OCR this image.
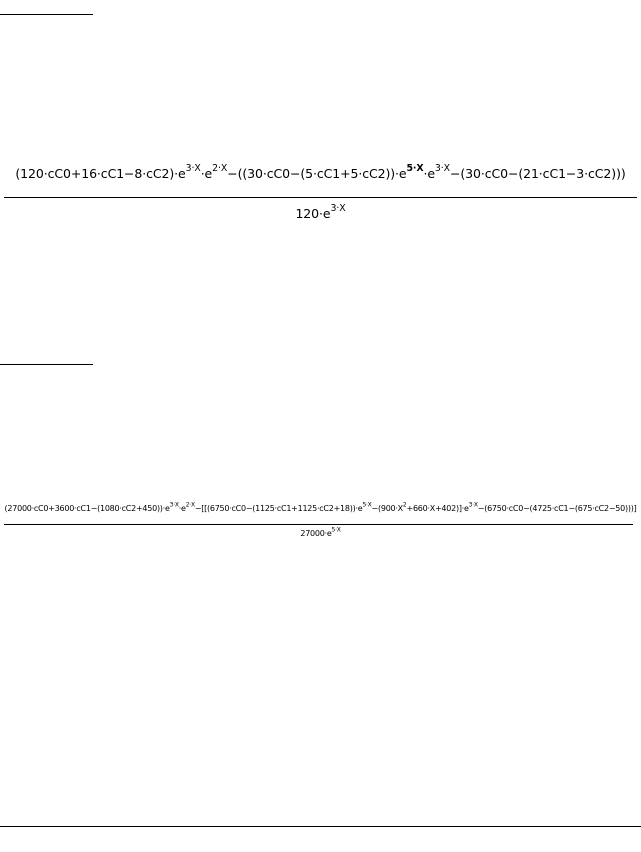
$(120\cdot cC0+16\cdot cC1-8\cdot cC2)\cdot e^{3\cdot X}\cdot e^{2\cdot X}-((30\cdot cC0-(5\cdot cC1+5\cdot cC2))\cdot e^{5\cdot X}\cdot e^{3\cdot X}-(30\cdot cC0-(21\cdot cC1-3\cdot cC2)))$
$120\cdot e^{3\cdot X}$
$(27000\cdot cC0+3600\cdot cC1-(1080\cdot cC2+450))\cdot e^{3\cdot X}\cdot e^{2\cdot X}-[[(6750\cdot cC0-(1125\cdot cC1+1125\cdot cC2+18))\cdot e^{5\cdot X}-(900\cdot X^2+660\cdot X+402)]\cdot e^{3\cdot X}-(6750\cdot cC0-(4725\cdot$cC1−(675·cC2−50)))]
$27000\cdot e^{5\cdot X}$
